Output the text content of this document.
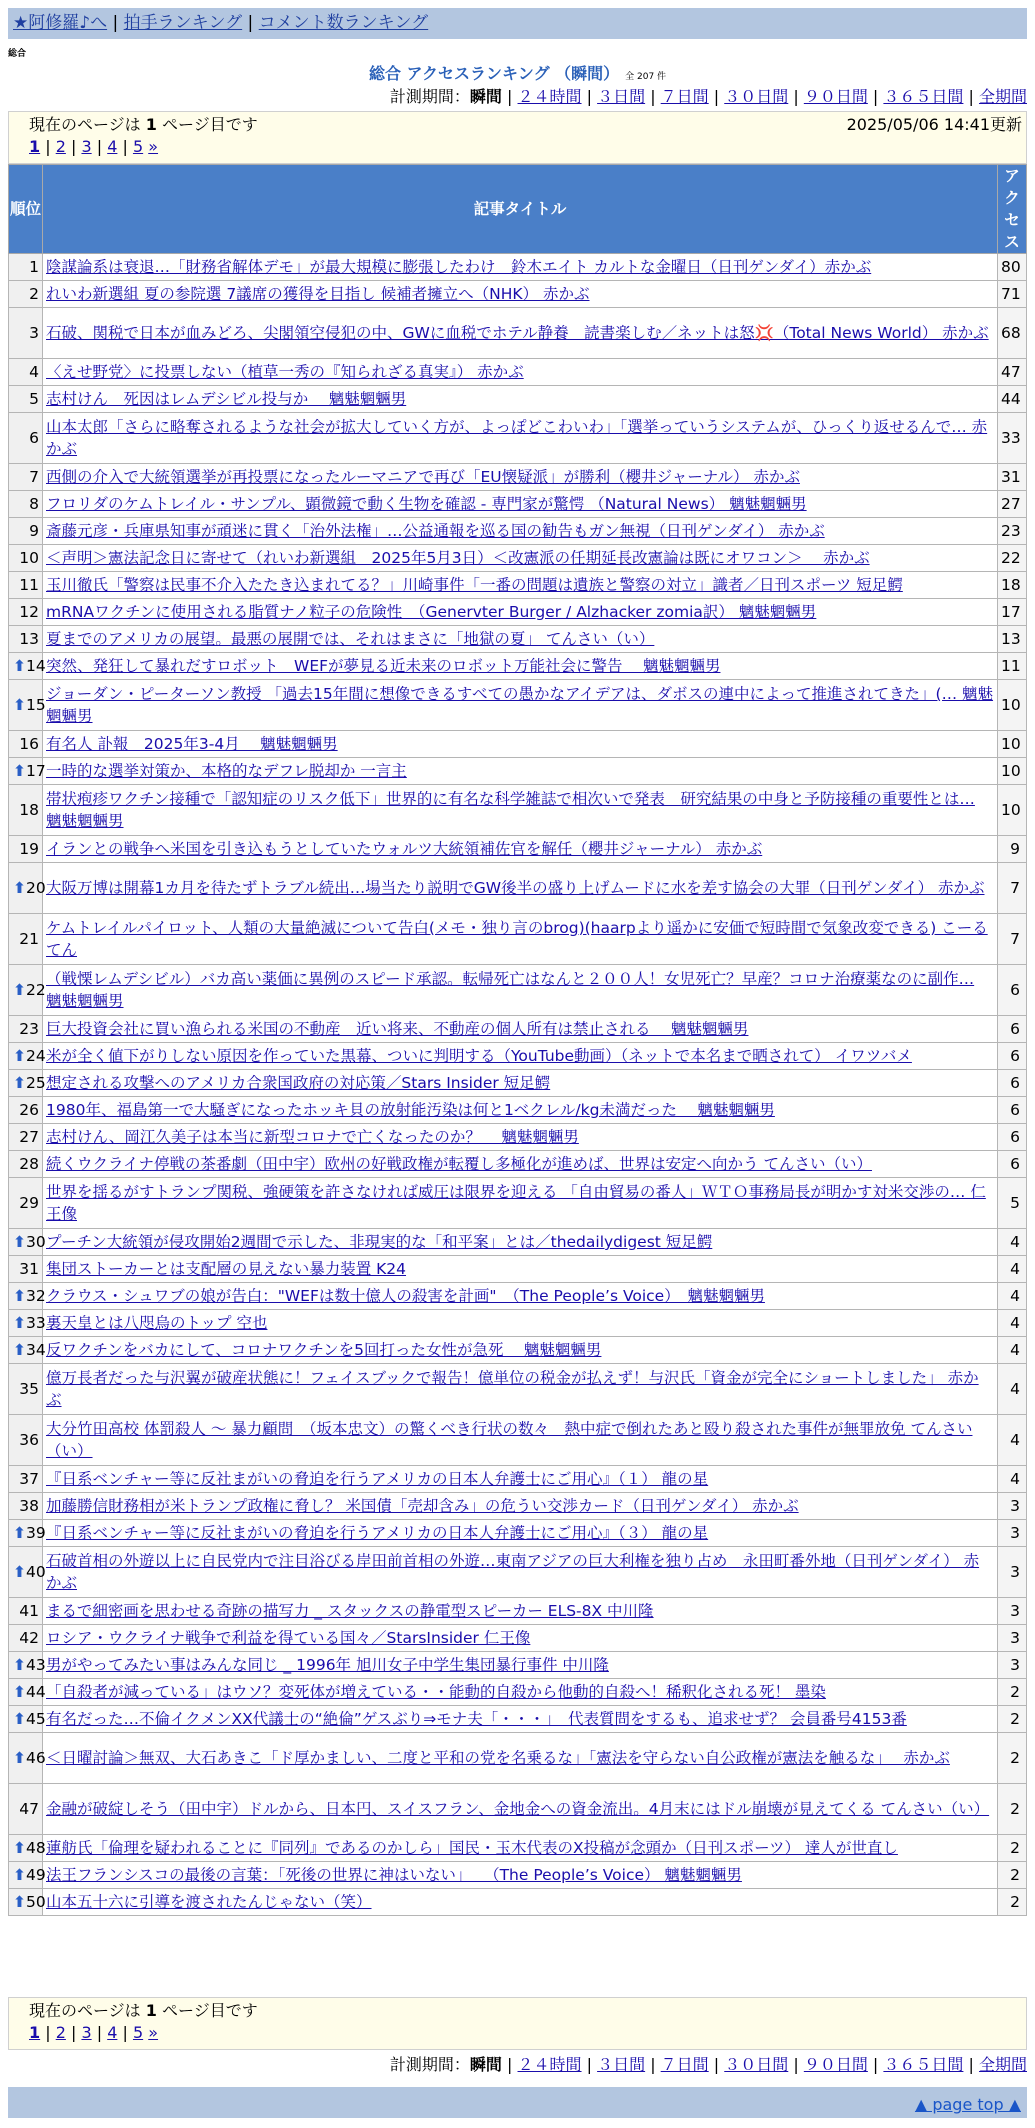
★阿修羅♪へ | 拍手ランキング | コメント数ランキング
総合
総合 アクセスランキング （瞬間） 全 207 件
計測期間：瞬間 | ２４時間 | ３日間 | ７日間 | ３０日間 | ９０日間 | ３６５日間 | 全期間
現在のページは 1 ページ目です	2025/05/06 14:41更新
1 | 2 | 3 | 4 | 5 »
順位	記事タイトル	アクセス
1	陰謀論系は衰退…「財務省解体デモ」が最大規模に膨張したわけ　鈴木エイト カルトな金曜日（日刊ゲンダイ）赤かぶ	80
2	れいわ新選組 夏の参院選 7議席の獲得を目指し 候補者擁立へ（NHK） 赤かぶ	71
3	石破、関税で日本が血みどろ、尖閣領空侵犯の中、GWに血税でホテル静養　読書楽しむ／ネットは怒💢（Total News World） 赤かぶ	68
4	〈えせ野党〉に投票しない（植草一秀の『知られざる真実』） 赤かぶ	47
5	志村けん　死因はレムデシビル投与か　 魑魅魍魎男	44
6	山本太郎「さらに略奪されるような社会が拡大していく方が、よっぽどこわいわ」「選挙っていうシステムが、ひっくり返せるんで… 赤かぶ	33
7	西側の介入で大統領選挙が再投票になったルーマニアで再び「EU懐疑派」が勝利（櫻井ジャーナル） 赤かぶ	31
8	フロリダのケムトレイル・サンプル、顕微鏡で動く生物を確認 - 専門家が驚愕 （Natural News） 魑魅魍魎男	27
9	斎藤元彦・兵庫県知事が頑迷に貫く「治外法権」…公益通報を巡る国の勧告もガン無視（日刊ゲンダイ） 赤かぶ	23
10	＜声明＞憲法記念日に寄せて（れいわ新選組　2025年5月3日）＜改憲派の任期延長改憲論は既にオワコン＞　 赤かぶ	22
11	玉川徹氏「警察は民事不介入たたき込まれてる？」川崎事件「一番の問題は遺族と警察の対立」識者／日刊スポーツ 短足鰐	18
12	mRNAワクチンに使用される脂質ナノ粒子の危険性　（Genervter Burger / Alzhacker zomia訳） 魑魅魍魎男	17
13	夏までのアメリカの展望。最悪の展開では、それはまさに「地獄の夏」 てんさい（い）	13

⬆ 14	突然、発狂して暴れだすロボット　WEFが夢見る近未来のロボット万能社会に警告　 魑魅魍魎男	11

⬆ 15	ジョーダン・ピーターソン教授 「過去15年間に想像できるすべての愚かなアイデアは、ダボスの連中によって推進されてきた」(… 魑魅魍魎男	10
16	有名人 訃報　2025年3-4月　 魑魅魍魎男	10

⬆ 17	一時的な選挙対策か、本格的なデフレ脱却か 一言主	10
18	帯状疱疹ワクチン接種で「認知症のリスク低下」世界的に有名な科学雑誌で相次いで発表　研究結果の中身と予防接種の重要性とは… 魑魅魍魎男	10
19	イランとの戦争へ米国を引き込もうとしていたウォルツ大統領補佐官を解任（櫻井ジャーナル） 赤かぶ	9

⬆ 20	大阪万博は開幕1カ月を待たずトラブル続出…場当たり説明でGW後半の盛り上げムードに水を差す協会の大罪（日刊ゲンダイ） 赤かぶ	7
21	ケムトレイルパイロット、人類の大量絶滅について告白(メモ・独り言のbrog)(haarpより遥かに安価で短時間で気象改変できる) こーるてん	7

⬆ 22	（戦慄レムデシビル）バカ高い薬価に異例のスピード承認。転帰死亡はなんと２００人！女児死亡？早産？コロナ治療薬なのに副作… 魑魅魍魎男	6
23	巨大投資会社に買い漁られる米国の不動産　近い将来、不動産の個人所有は禁止される　 魑魅魍魎男	6

⬆ 24	米が全く値下がりしない原因を作っていた黒幕、ついに判明する（YouTube動画）（ネットで本名まで晒されて） イワツバメ	6

⬆ 25	想定される攻撃へのアメリカ合衆国政府の対応策／Stars Insider 短足鰐	6
26	1980年、福島第一で大騒ぎになったホッキ貝の放射能汚染は何と1ベクレル/kg未満だった　 魑魅魍魎男	6
27	志村けん、岡江久美子は本当に新型コロナで亡くなったのか？　 魑魅魍魎男	6
28	続くウクライナ停戦の茶番劇（田中宇）欧州の好戦政権が転覆し多極化が進めば、世界は安定へ向かう てんさい（い）	6
29	世界を揺るがすトランプ関税、強硬策を許さなければ威圧は限界を迎える 「自由貿易の番人」ＷＴＯ事務局長が明かす対米交渉の… 仁王像	5

⬆ 30	プーチン大統領が侵攻開始2週間で示した、非現実的な「和平案」とは／thedailydigest 短足鰐	4
31	集団ストーカーとは支配層の見えない暴力装置 K24	4

⬆ 32	クラウス・シュワブの娘が告白："WEFは数十億人の殺害を計画"　（The People’s Voice）　魑魅魍魎男	4

⬆ 33	裏天皇とは八咫烏のトップ 空也	4

⬆ 34	反ワクチンをバカにして、コロナワクチンを5回打った女性が急死　 魑魅魍魎男	4
35	億万長者だった与沢翼が破産状態に！フェイスブックで報告！億単位の税金が払えず！与沢氏「資金が完全にショートしました」 赤かぶ	4
36	大分竹田高校 体罰殺人 〜 暴力顧問　（坂本忠文）の驚くべき行状の数々　熱中症で倒れたあと殴り殺された事件が無罪放免 てんさい（い）	4
37	『日系ベンチャー等に反社まがいの脅迫を行うアメリカの日本人弁護士にご用心』（１） 龍の星	4
38	加藤勝信財務相が米トランプ政権に脅し？ 米国債「売却含み」の危うい交渉カード（日刊ゲンダイ） 赤かぶ	3

⬆ 39	『日系ベンチャー等に反社まがいの脅迫を行うアメリカの日本人弁護士にご用心』（３） 龍の星	3

⬆ 40	石破首相の外遊以上に自民党内で注目浴びる岸田前首相の外遊…東南アジアの巨大利権を独り占め　永田町番外地（日刊ゲンダイ） 赤かぶ	3
41	まるで細密画を思わせる奇跡の描写力 _ スタックスの静電型スピーカー ELS-8X 中川隆	3
42	ロシア・ウクライナ戦争で利益を得ている国々／StarsInsider 仁王像	3

⬆ 43	男がやってみたい事はみんな同じ _ 1996年 旭川女子中学生集団暴行事件 中川隆	3

⬆ 44	「自殺者が減っている」はウソ？変死体が増えている・・能動的自殺から他動的自殺へ！稀釈化される死！ 墨染	2

⬆ 45	有名だった…不倫イクメンXX代議士の“絶倫”ゲスぶり⇒モナ夫「・・・」　代表質問をするも、追求せず？ 会員番号4153番	2

⬆ 46	＜日曜討論＞無双、大石あきこ「ド厚かましい、二度と平和の党を名乗るな」「憲法を守らない自公政権が憲法を触るな」　 赤かぶ	2
47	金融が破綻しそう（田中宇）ドルから、日本円、スイスフラン、金地金への資金流出。4月末にはドル崩壊が見えてくる てんさい（い）	2

⬆ 48	蓮舫氏「倫理を疑われることに『同列』であるのかしら」国民・玉木代表のX投稿が念頭か（日刊スポーツ） 達人が世直し	2

⬆ 49	法王フランシスコの最後の言葉：「死後の世界に神はいない」　 （The People’s Voice） 魑魅魍魎男	2

⬆ 50	山本五十六に引導を渡されたんじゃない（笑）	2
現在のページは 1 ページ目です
1 | 2 | 3 | 4 | 5 »
計測期間：瞬間 | ２４時間 | ３日間 | ７日間 | ３０日間 | ９０日間 | ３６５日間 | 全期間
▲ page top ▲
